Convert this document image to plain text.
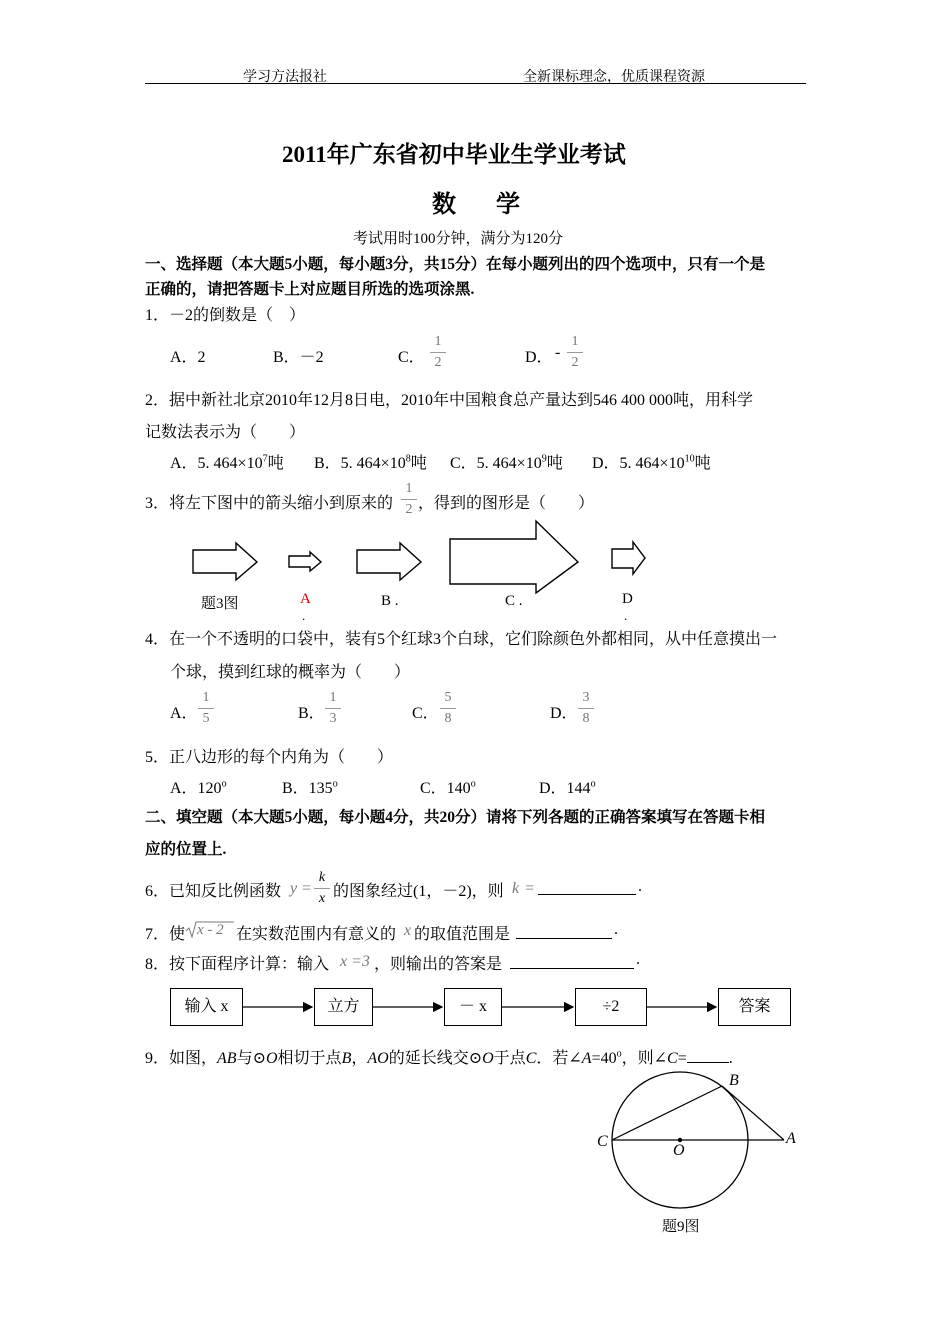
学习方法报社	全新课标理念，优质课程资源
2011年广东省初中毕业生学业考试
数学
考试用时100分钟，满分为120分
一、选择题（本大题5小题，每小题3分，共15分）在每小题列出的四个选项中，只有一个是
正确的，请把答题卡上对应题目所选的选项涂黑.
1．－2的倒数是（　）
A．2	B．－2	C．
1
2	D． -
1
2
2．据中新社北京2010年12月8日电，2010年中国粮食总产量达到546 400 000吨，用科学
记数法表示为（　　）
A．5. $464\times 10^7$吨 B．5. $464\times 10^8$吨 C．5. $464\times 10^9$吨 D．5. $464\times 10^{10}$吨
3．将左下图中的箭头缩小到原来的
1
2 ，得到的图形是（　　）
题3图	A
.
B .	C .	D
.
4．在一个不透明的口袋中，装有5个红球3个白球，它们除颜色外都相同，从中任意摸出一
个球，摸到红球的概率为（　　）
A．
1
5	B．
1
3	C．
5
8	D．
3
8
5．正八边形的每个内角为（　　）
A．120$^o$	B．135$^o$	C．140$^o$	D．144$^o$
二、填空题（本大题5小题，每小题4分，共20分）请将下列各题的正确答案填写在答题卡相
应的位置上.
6．已知反比例函数 y =
k
x 的图象经过(1，－2)，则 k =	.
7．使 x - 2 在实数范围内有意义的 x 的取值范围是	.
8．按下面程序计算：输入 x =3 ，则输出的答案是	.
输入 x	立方	－ x	÷2	答案
9．如图，AB与⊙O相切于点B，AO的延长线交⊙O于点C．若$\angle A=40^o$，则∠C=	.
B
C
O
A
题9图
